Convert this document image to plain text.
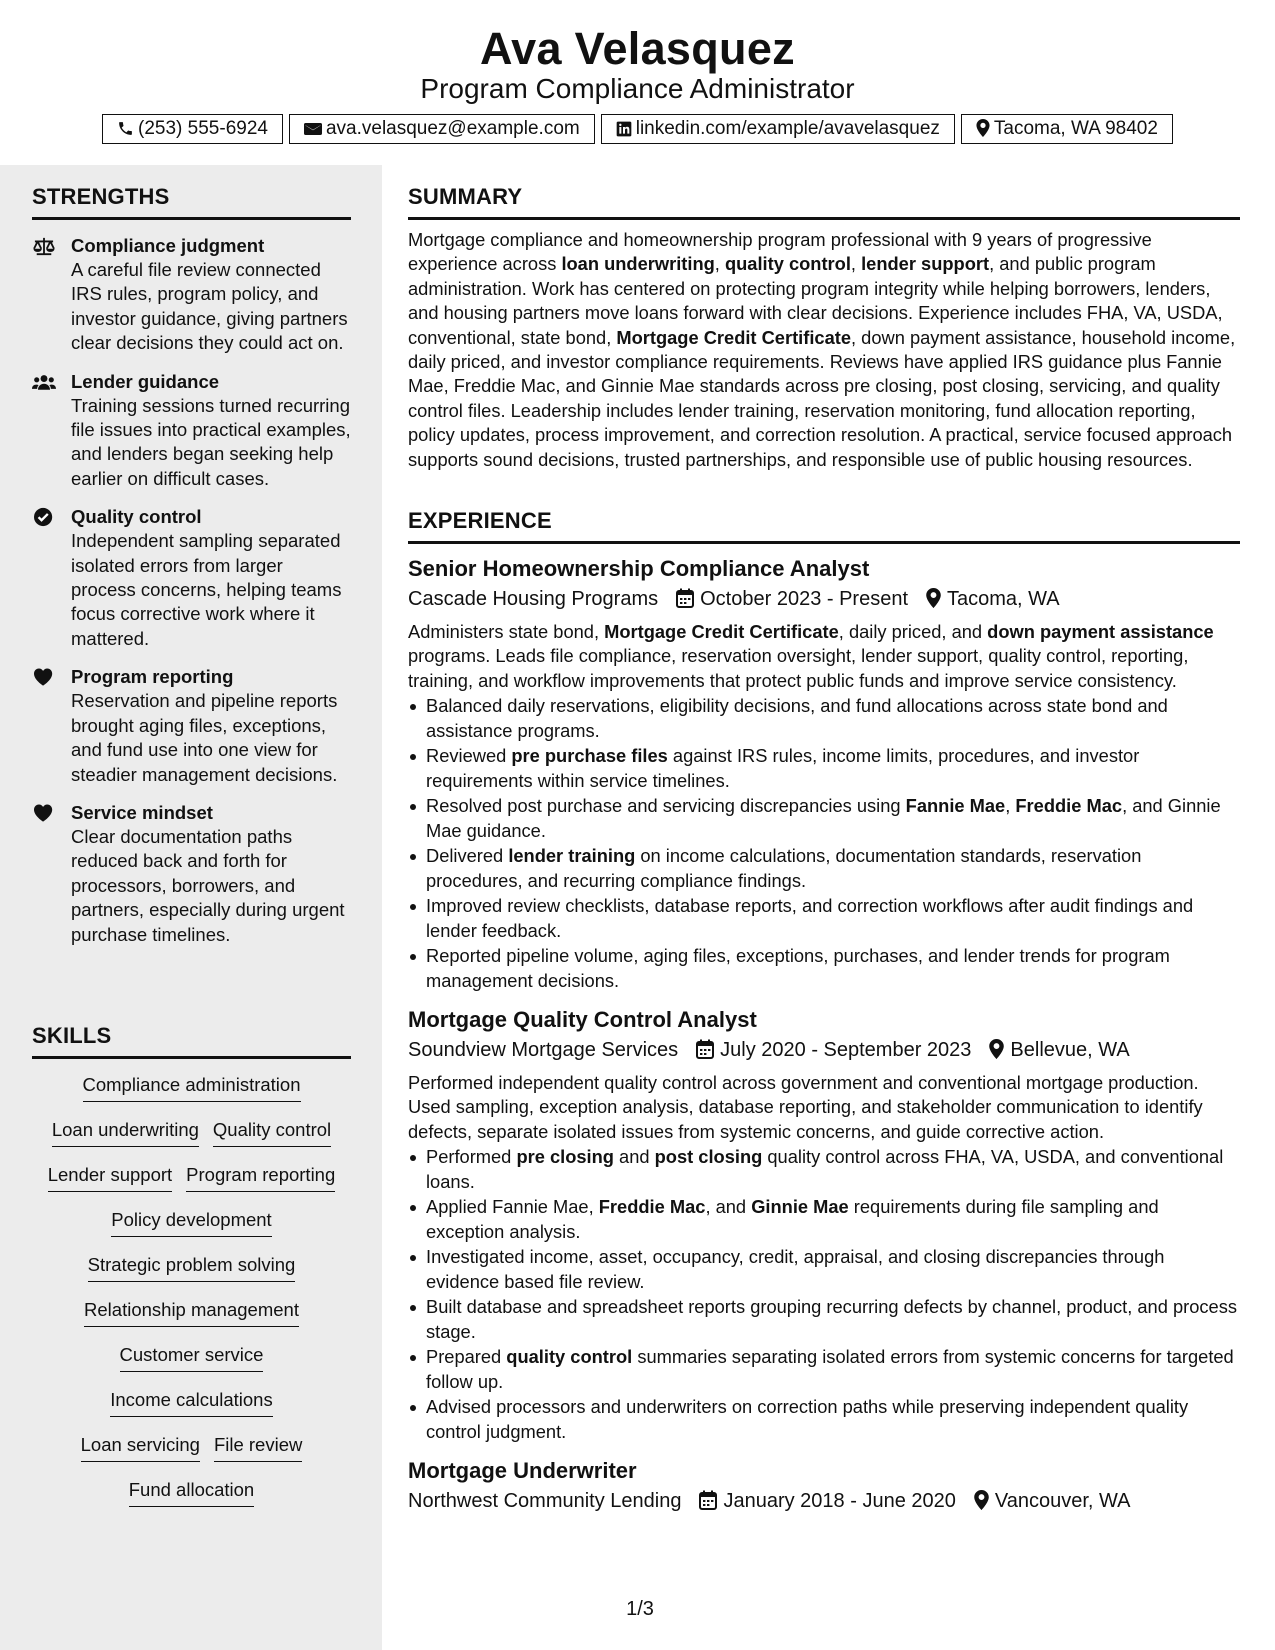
Ava Velasquez
Program Compliance Administrator
(253) 555-6924	ava.velasquez@example.com	linkedin.com/example/avavelasquez	Tacoma, WA 98402
STRENGTHS
Compliance judgment
A careful file review connected IRS rules, program policy, and investor guidance, giving partners clear decisions they could act on.
Lender guidance
Training sessions turned recurring file issues into practical examples, and lenders began seeking help earlier on difficult cases.
Quality control
Independent sampling separated isolated errors from larger process concerns, helping teams focus corrective work where it mattered.
Program reporting
Reservation and pipeline reports brought aging files, exceptions, and fund use into one view for steadier management decisions.
Service mindset
Clear documentation paths reduced back and forth for processors, borrowers, and partners, especially during urgent purchase timelines.
SKILLS
Compliance administration
Loan underwriting Quality control
Lender support Program reporting
Policy development
Strategic problem solving
Relationship management
Customer service
Income calculations
Loan servicing File review
Fund allocation
SUMMARY
Mortgage compliance and homeownership program professional with 9 years of progressive experience across loan underwriting, quality control, lender support, and public program administration. Work has centered on protecting program integrity while helping borrowers, lenders, and housing partners move loans forward with clear decisions. Experience includes FHA, VA, USDA, conventional, state bond, Mortgage Credit Certificate, down payment assistance, household income, daily priced, and investor compliance requirements. Reviews have applied IRS guidance plus Fannie Mae, Freddie Mac, and Ginnie Mae standards across pre closing, post closing, servicing, and quality control files. Leadership includes lender training, reservation monitoring, fund allocation reporting, policy updates, process improvement, and correction resolution. A practical, service focused approach supports sound decisions, trusted partnerships, and responsible use of public housing resources.
EXPERIENCE
Senior Homeownership Compliance Analyst
Cascade Housing Programs October 2023 - Present Tacoma, WA
Administers state bond, Mortgage Credit Certificate, daily priced, and down payment assistance programs. Leads file compliance, reservation oversight, lender support, quality control, reporting, training, and workflow improvements that protect public funds and improve service consistency.
Balanced daily reservations, eligibility decisions, and fund allocations across state bond and assistance programs.
Reviewed pre purchase files against IRS rules, income limits, procedures, and investor requirements within service timelines.
Resolved post purchase and servicing discrepancies using Fannie Mae, Freddie Mac, and Ginnie Mae guidance.
Delivered lender training on income calculations, documentation standards, reservation procedures, and recurring compliance findings.
Improved review checklists, database reports, and correction workflows after audit findings and lender feedback.
Reported pipeline volume, aging files, exceptions, purchases, and lender trends for program management decisions.
Mortgage Quality Control Analyst
Soundview Mortgage Services July 2020 - September 2023 Bellevue, WA
Performed independent quality control across government and conventional mortgage production. Used sampling, exception analysis, database reporting, and stakeholder communication to identify defects, separate isolated issues from systemic concerns, and guide corrective action.
Performed pre closing and post closing quality control across FHA, VA, USDA, and conventional loans.
Applied Fannie Mae, Freddie Mac, and Ginnie Mae requirements during file sampling and exception analysis.
Investigated income, asset, occupancy, credit, appraisal, and closing discrepancies through evidence based file review.
Built database and spreadsheet reports grouping recurring defects by channel, product, and process stage.
Prepared quality control summaries separating isolated errors from systemic concerns for targeted follow up.
Advised processors and underwriters on correction paths while preserving independent quality control judgment.
Mortgage Underwriter
Northwest Community Lending January 2018 - June 2020 Vancouver, WA
1/3
